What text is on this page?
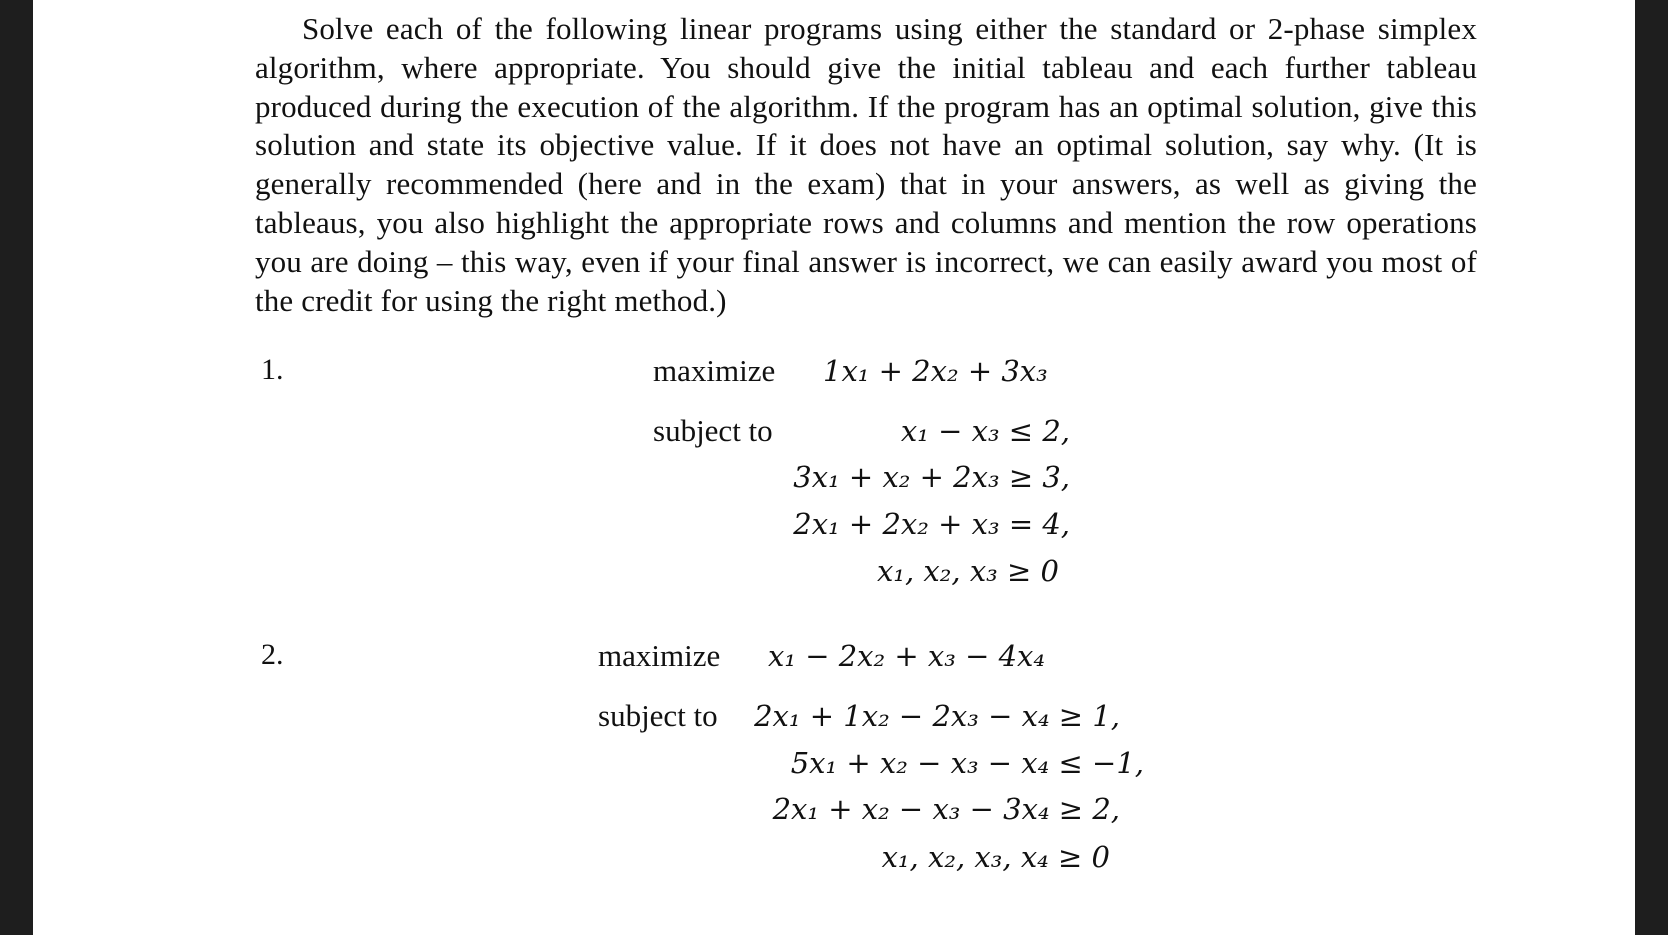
Solve each of the following linear programs using either the standard or 2-phase simplex algorithm, where appropriate. You should give the initial tableau and each further tableau produced during the execution of the algorithm. If the program has an optimal solution, give this solution and state its objective value. If it does not have an optimal solution, say why. (It is generally recommended (here and in the exam) that in your answers, as well as giving the tableaus, you also highlight the appropriate rows and columns and mention the row operations you are doing – this way, even if your final answer is incorrect, we can easily award you most of the credit for using the right method.)

1.	maximize 1x₁ + 2x₂ + 3x₃
subject to	x₁ − x₃ ≤ 2,
3x₁ + x₂ + 2x₃ ≥ 3,
2x₁ + 2x₂ + x₃ = 4,
x₁, x₂, x₃ ≥ 0
2.	maximize x₁ − 2x₂ + x₃ − 4x₄
subject to 2x₁ + 1x₂ − 2x₃ − x₄ ≥ 1,
5x₁ + x₂ − x₃ − x₄ ≤ −1,
2x₁ + x₂ − x₃ − 3x₄ ≥ 2,
x₁, x₂, x₃, x₄ ≥ 0
